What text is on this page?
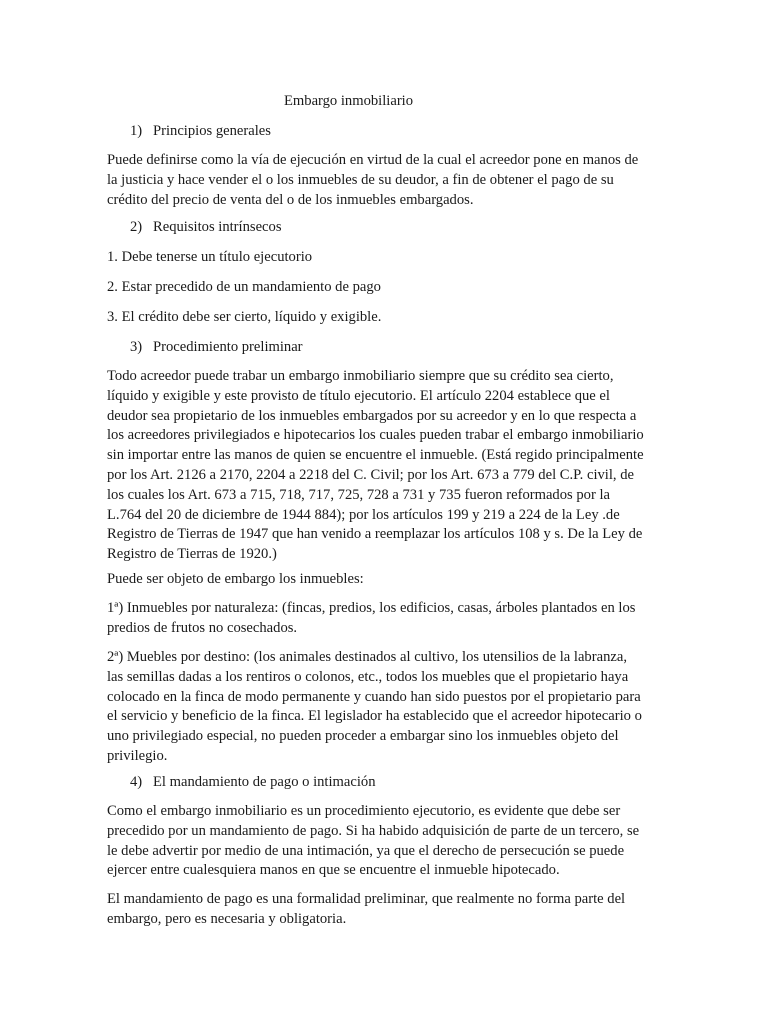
Embargo inmobiliario

1) Principios generales

Puede definirse como la vía de ejecución en virtud de la cual el acreedor pone en manos de
la justicia y hace vender el o los inmuebles de su deudor, a fin de obtener el pago de su
crédito del precio de venta del o de los inmuebles embargados.

2) Requisitos intrínsecos

1. Debe tenerse un título ejecutorio

2. Estar precedido de un mandamiento de pago

3. El crédito debe ser cierto, líquido y exigible.

3) Procedimiento preliminar

Todo acreedor puede trabar un embargo inmobiliario siempre que su crédito sea cierto,
líquido y exigible y este provisto de título ejecutorio. El artículo 2204 establece que el
deudor sea propietario de los inmuebles embargados por su acreedor y en lo que respecta a
los acreedores privilegiados e hipotecarios los cuales pueden trabar el embargo inmobiliario
sin importar entre las manos de quien se encuentre el inmueble. (Está regido principalmente
por los Art. 2126 a 2170, 2204 a 2218 del C. Civil; por los Art. 673 a 779 del C.P. civil, de
los cuales los Art. 673 a 715, 718, 717, 725, 728 a 731 y 735 fueron reformados por la
L.764 del 20 de diciembre de 1944 884); por los artículos 199 y 219 a 224 de la Ley .de
Registro de Tierras de 1947 que han venido a reemplazar los artículos 108 y s. De la Ley de
Registro de Tierras de 1920.)

Puede ser objeto de embargo los inmuebles:

1ª) Inmuebles por naturaleza: (fincas, predios, los edificios, casas, árboles plantados en los
predios de frutos no cosechados.

2ª) Muebles por destino: (los animales destinados al cultivo, los utensilios de la labranza,
las semillas dadas a los rentiros o colonos, etc., todos los muebles que el propietario haya
colocado en la finca de modo permanente y cuando han sido puestos por el propietario para
el servicio y beneficio de la finca. El legislador ha establecido que el acreedor hipotecario o
uno privilegiado especial, no pueden proceder a embargar sino los inmuebles objeto del
privilegio.

4) El mandamiento de pago o intimación

Como el embargo inmobiliario es un procedimiento ejecutorio, es evidente que debe ser
precedido por un mandamiento de pago. Si ha habido adquisición de parte de un tercero, se
le debe advertir por medio de una intimación, ya que el derecho de persecución se puede
ejercer entre cualesquiera manos en que se encuentre el inmueble hipotecado.

El mandamiento de pago es una formalidad preliminar, que realmente no forma parte del
embargo, pero es necesaria y obligatoria.
